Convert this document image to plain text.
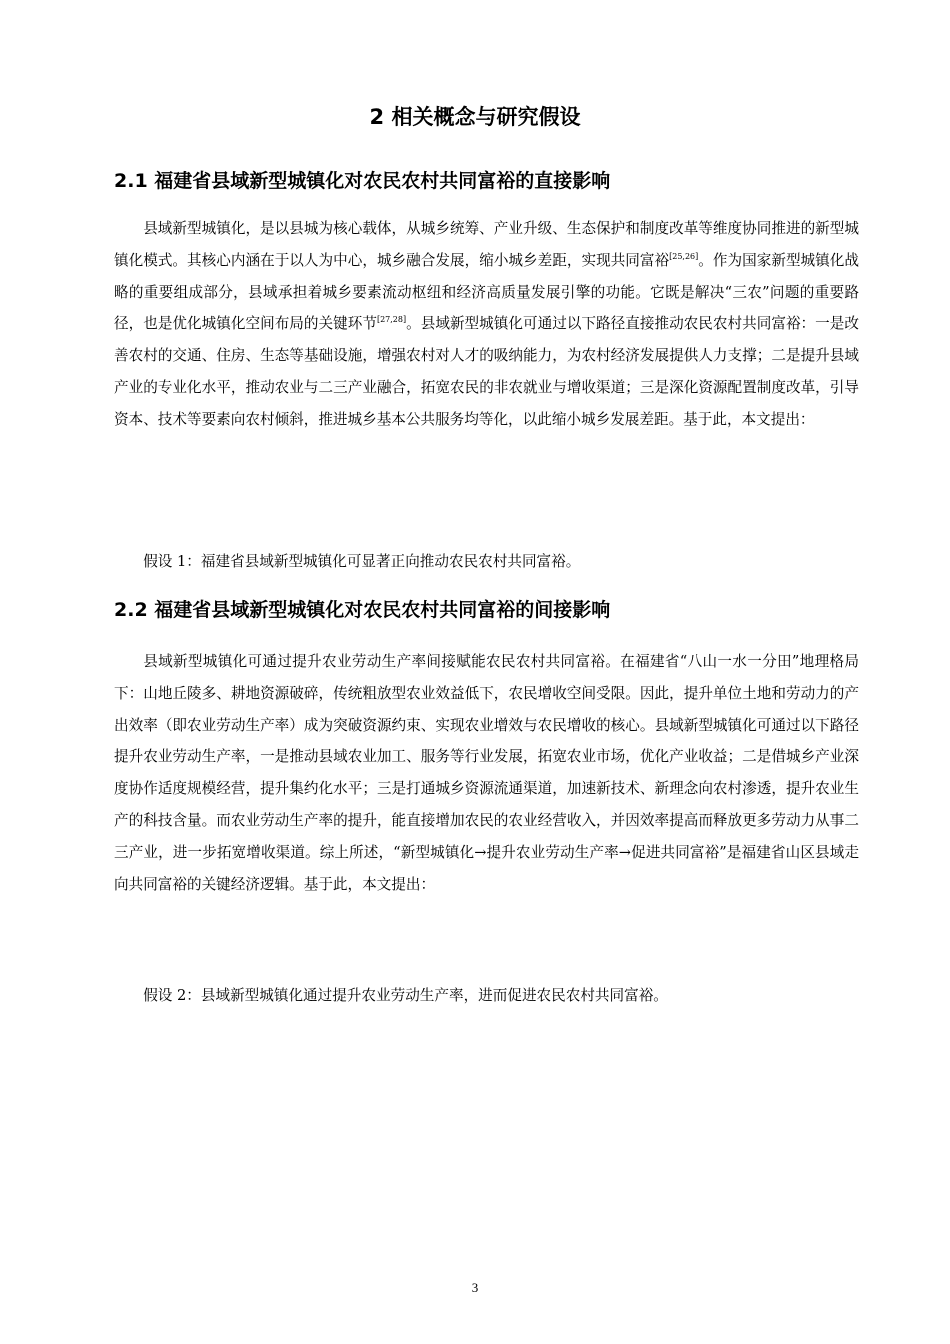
2 相关概念与研究假设
2.1 福建省县域新型城镇化对农民农村共同富裕的直接影响

县域新型城镇化，是以县城为核心载体，从城乡统筹、产业升级、生态保护和制度改革等维度协同推进的新型城镇化模式。其核心内涵在于以人为中心，城乡融合发展，缩小城乡差距，实现共同富裕[25,26]。作为国家新型城镇化战略的重要组成部分，县域承担着城乡要素流动枢纽和经济高质量发展引擎的功能。它既是解决“三农”问题的重要路径，也是优化城镇化空间布局的关键环节[27,28]。县域新型城镇化可通过以下路径直接推动农民农村共同富裕：一是改善农村的交通、住房、生态等基础设施，增强农村对人才的吸纳能力，为农村经济发展提供人力支撑；二是提升县域产业的专业化水平，推动农业与二三产业融合，拓宽农民的非农就业与增收渠道；三是深化资源配置制度改革，引导资本、技术等要素向农村倾斜，推进城乡基本公共服务均等化，以此缩小城乡发展差距。基于此，本文提出：

假设 1：福建省县域新型城镇化可显著正向推动农民农村共同富裕。

2.2 福建省县域新型城镇化对农民农村共同富裕的间接影响

县域新型城镇化可通过提升农业劳动生产率间接赋能农民农村共同富裕。在福建省“八山一水一分田”地理格局下：山地丘陵多、耕地资源破碎，传统粗放型农业效益低下，农民增收空间受限。因此，提升单位土地和劳动力的产出效率（即农业劳动生产率）成为突破资源约束、实现农业增效与农民增收的核心。县域新型城镇化可通过以下路径提升农业劳动生产率，一是推动县域农业加工、服务等行业发展，拓宽农业市场，优化产业收益；二是借城乡产业深度协作适度规模经营，提升集约化水平；三是打通城乡资源流通渠道，加速新技术、新理念向农村渗透，提升农业生产的科技含量。而农业劳动生产率的提升，能直接增加农民的农业经营收入，并因效率提高而释放更多劳动力从事二三产业，进一步拓宽增收渠道。综上所述，“新型城镇化→提升农业劳动生产率→促进共同富裕”是福建省山区县域走向共同富裕的关键经济逻辑。基于此，本文提出：

假设 2：县域新型城镇化通过提升农业劳动生产率，进而促进农民农村共同富裕。

3
